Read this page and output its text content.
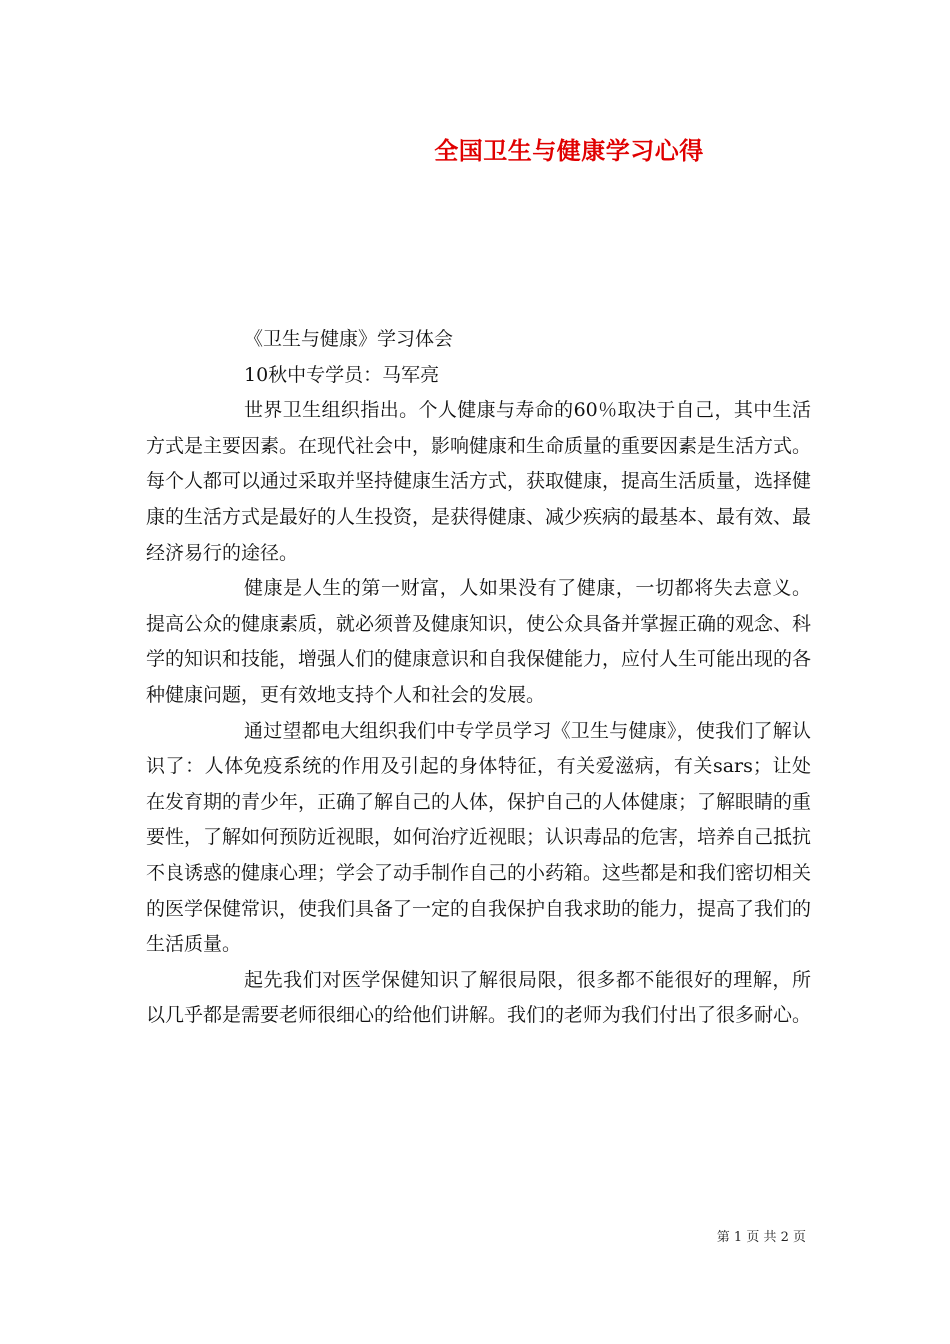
全国卫生与健康学习心得

《卫生与健康》学习体会

10秋中专学员：马军亮

世界卫生组织指出。个人健康与寿命的60％取决于自己，其中生活方式是主要因素。在现代社会中，影响健康和生命质量的重要因素是生活方式。每个人都可以通过采取并坚持健康生活方式，获取健康，提高生活质量，选择健康的生活方式是最好的人生投资，是获得健康、减少疾病的最基本、最有效、最经济易行的途径。

健康是人生的第一财富，人如果没有了健康，一切都将失去意义。提高公众的健康素质，就必须普及健康知识，使公众具备并掌握正确的观念、科学的知识和技能，增强人们的健康意识和自我保健能力，应付人生可能出现的各种健康问题，更有效地支持个人和社会的发展。

通过望都电大组织我们中专学员学习《卫生与健康》，使我们了解认识了：人体免疫系统的作用及引起的身体特征，有关爱滋病，有关sars；让处在发育期的青少年，正确了解自己的人体，保护自己的人体健康；了解眼睛的重要性，了解如何预防近视眼，如何治疗近视眼；认识毒品的危害，培养自己抵抗不良诱惑的健康心理；学会了动手制作自己的小药箱。这些都是和我们密切相关的医学保健常识，使我们具备了一定的自我保护自我求助的能力，提高了我们的生活质量。

起先我们对医学保健知识了解很局限，很多都不能很好的理解，所以几乎都是需要老师很细心的给他们讲解。我们的老师为我们付出了很多耐心。

第 1 页 共 2 页
